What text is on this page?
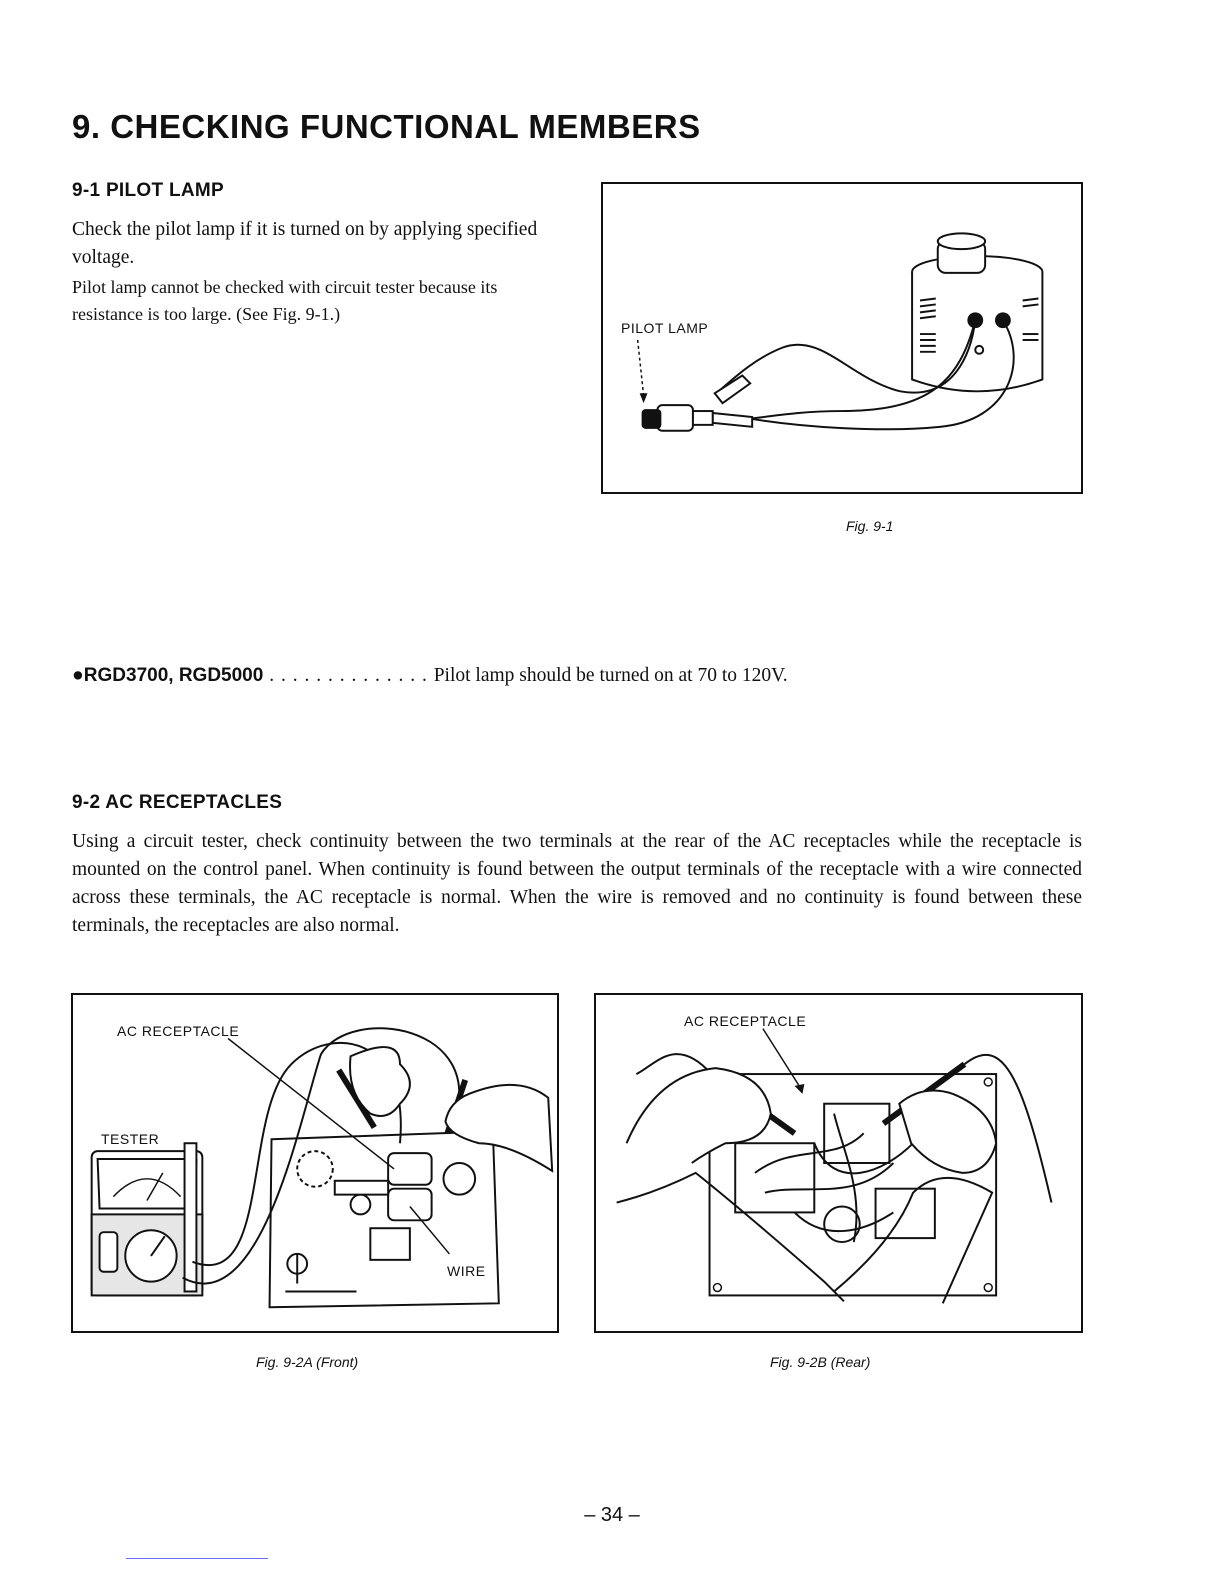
9. CHECKING FUNCTIONAL MEMBERS
9-1 PILOT LAMP

Check the pilot lamp if it is turned on by applying specified voltage.

Pilot lamp cannot be checked with circuit tester because its resistance is too large. (See Fig. 9-1.)

PILOT LAMP
Fig. 9-1
●RGD3700, RGD5000 . . . . . . . . . . . . . . Pilot lamp should be turned on at 70 to 120V.
9-2 AC RECEPTACLES

Using a circuit tester, check continuity between the two terminals at the rear of the AC receptacles while the receptacle is mounted on the control panel. When continuity is found between the output terminals of the receptacle with a wire connected across these terminals, the AC receptacle is normal. When the wire is removed and no continuity is found between these terminals, the receptacles are also normal.

AC RECEPTACLE
TESTER
WIRE
Fig. 9-2A (Front)
AC RECEPTACLE
Fig. 9-2B (Rear)
– 34 –
